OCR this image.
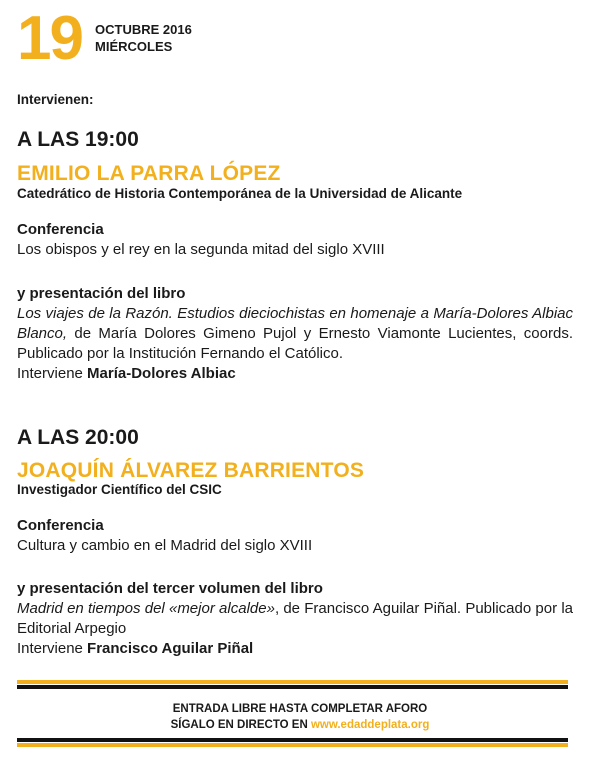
19 OCTUBRE 2016
MIÉRCOLES
Intervienen:

A LAS 19:00

EMILIO LA PARRA LÓPEZ

Catedrático de Historia Contemporánea de la Universidad de Alicante

Conferencia

Los obispos y el rey en la segunda mitad del siglo XVIII

y presentación del libro

Los viajes de la Razón. Estudios dieciochistas en homenaje a María-Dolores Albiac Blanco, de María Dolores Gimeno Pujol y Ernesto Viamonte Lucientes, coords. Publicado por la Institución Fernando el Católico.

Interviene María-Dolores Albiac

A LAS 20:00

JOAQUÍN ÁLVAREZ BARRIENTOS

Investigador Científico del CSIC

Conferencia

Cultura y cambio en el Madrid del siglo XVIII

y presentación del tercer volumen del libro

Madrid en tiempos del «mejor alcalde», de Francisco Aguilar Piñal. Publicado por la Editorial Arpegio

Interviene Francisco Aguilar Piñal

ENTRADA LIBRE HASTA COMPLETAR AFORO
SÍGALO EN DIRECTO EN www.edaddeplata.org
